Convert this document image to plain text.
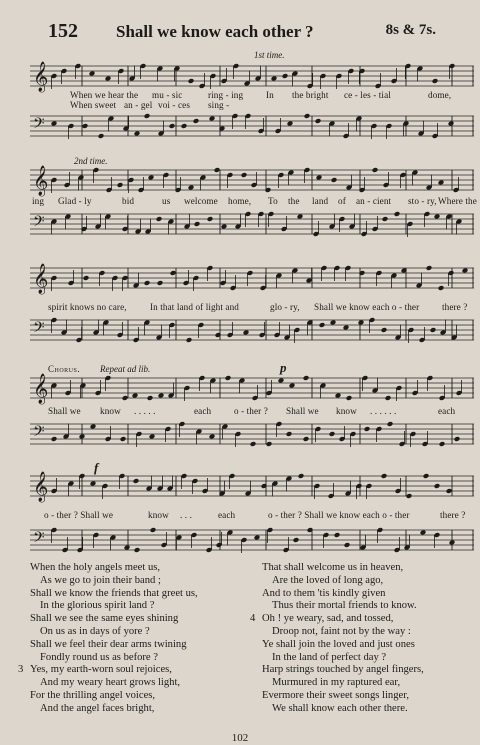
152 Shall we know each other ?	8s & 7s.
1st time.
𝄞
When we hear the mu - sic	ring - ing In the bright ce - les - tial	dome,
When sweet an - gel voi - ces sing -
𝄢
2nd time.
𝄞
ing Glad - ly	bid	us welcome home, To the land of an - cient sto - ry, Where the
𝄢
𝄞
spirit knows no care,	In that land of light and	glo - ry, Shall we know each o - ther there ?
𝄢
Chorus. Repeat ad lib.	p
𝄞
Shall we know . . . . .	each o - ther ? Shall we know . . . . . .	each
𝄢
f
𝄞
o - ther ? Shall we	know . . .	each	o - ther ? Shall we know each o - ther	there ?
𝄢
When the holy angels meet us,
As we go to join their band ;
Shall we know the friends that greet us,
In the glorious spirit land ?
Shall we see the same eyes shining
On us as in days of yore ?
Shall we feel their dear arms twining
Fondly round us as before ?
3 Yes, my earth-worn soul rejoices,
And my weary heart grows light,
For the thrilling angel voices,
And the angel faces bright,
That shall welcome us in heaven,
Are the loved of long ago,
And to them 'tis kindly given
Thus their mortal friends to know.
4 Oh ! ye weary, sad, and tossed,
Droop not, faint not by the way :
Ye shall join the loved and just ones
In the land of perfect day ?
Harp strings touched by angel fingers,
Murmured in my raptured ear,
Evermore their sweet songs linger,
We shall know each other there.
102
